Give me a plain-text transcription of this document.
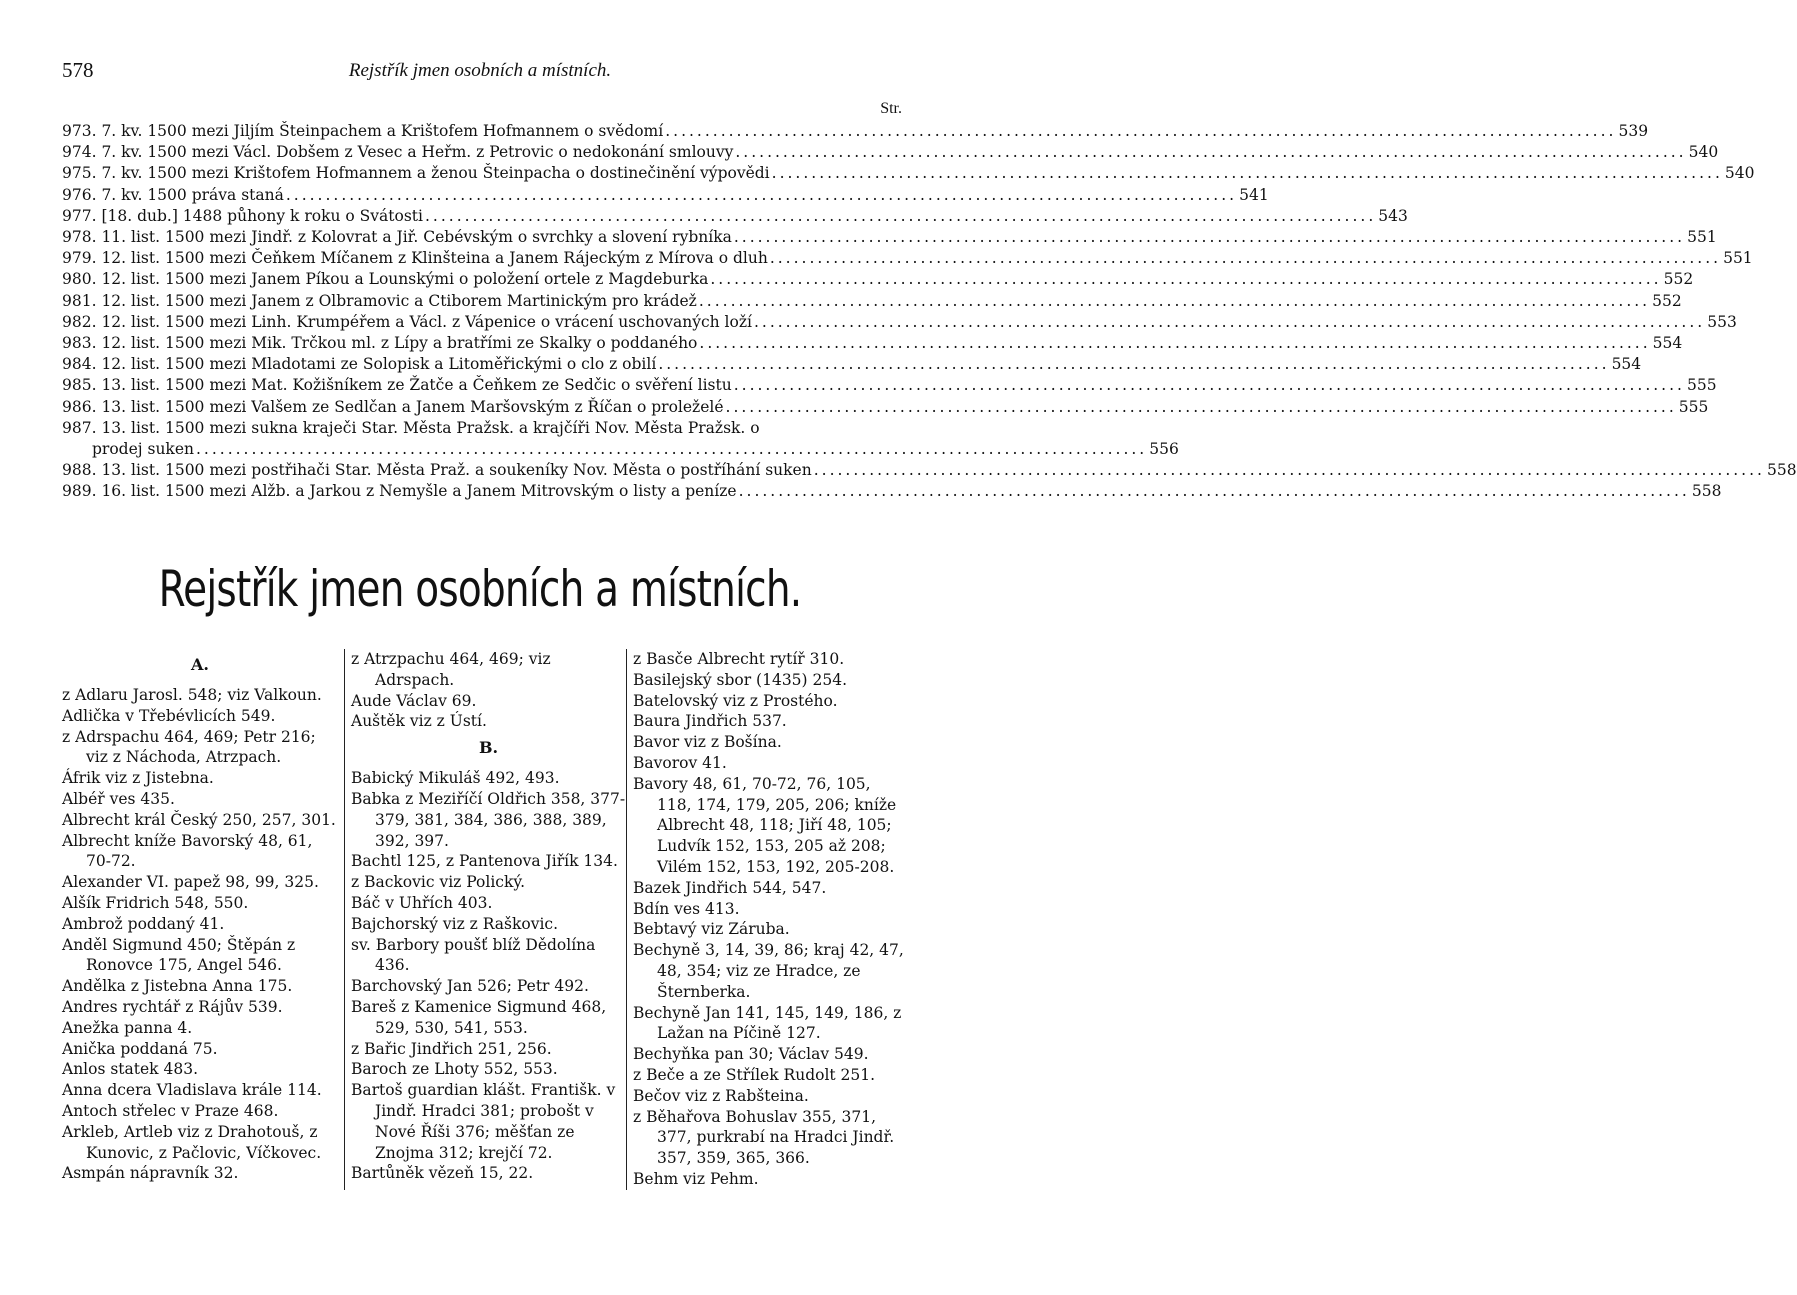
578	Rejstřík jmen osobních a místních.
Str.
973. 7. kv. 1500 mezi Jiljím Šteinpachem a Krištofem Hofmannem o svědomí ........................................................................................................................ 539
974. 7. kv. 1500 mezi Václ. Dobšem z Vesec a Heřm. z Petrovic o nedokonání smlouvy ........................................................................................................................ 540
975. 7. kv. 1500 mezi Krištofem Hofmannem a ženou Šteinpacha o dostinečinění výpovědi ........................................................................................................................ 540
976. 7. kv. 1500 práva staná ........................................................................................................................ 541
977. [18. dub.] 1488 půhony k roku o Svátosti ........................................................................................................................ 543
978. 11. list. 1500 mezi Jindř. z Kolovrat a Jiř. Cebévským o svrchky a slovení rybníka ........................................................................................................................ 551
979. 12. list. 1500 mezi Čeňkem Míčanem z Klinšteina a Janem Rájeckým z Mírova o dluh ........................................................................................................................ 551
980. 12. list. 1500 mezi Janem Píkou a Lounskými o položení ortele z Magdeburka ........................................................................................................................ 552
981. 12. list. 1500 mezi Janem z Olbramovic a Ctiborem Martinickým pro krádež ........................................................................................................................ 552
982. 12. list. 1500 mezi Linh. Krumpéřem a Václ. z Vápenice o vrácení uschovaných loží ........................................................................................................................ 553
983. 12. list. 1500 mezi Mik. Trčkou ml. z Lípy a bratřími ze Skalky o poddaného ........................................................................................................................ 554
984. 12. list. 1500 mezi Mladotami ze Solopisk a Litoměřickými o clo z obilí ........................................................................................................................ 554
985. 13. list. 1500 mezi Mat. Kožišníkem ze Žatče a Čeňkem ze Sedčic o svěření listu ........................................................................................................................ 555
986. 13. list. 1500 mezi Valšem ze Sedlčan a Janem Maršovským z Říčan o proleželé ........................................................................................................................ 555
987. 13. list. 1500 mezi sukna kraječi Star. Města Pražsk. a krajčíři Nov. Města Pražsk. o
prodej suken ........................................................................................................................ 556
988. 13. list. 1500 mezi postřihači Star. Města Praž. a soukeníky Nov. Města o postříhání suken ........................................................................................................................ 558
989. 16. list. 1500 mezi Alžb. a Jarkou z Nemyšle a Janem Mitrovským o listy a peníze ........................................................................................................................ 558
Rejstřík jmen osobních a místních.
A.
z Adlaru Jarosl. 548; viz Valkoun.
Adlička v Třebévlicích 549.
z Adrspachu 464, 469; Petr 216; viz z Náchoda, Atrzpach.
Áfrik viz z Jistebna.
Albéř ves 435.
Albrecht král Český 250, 257, 301.
Albrecht kníže Bavorský 48, 61, 70-72.
Alexander VI. papež 98, 99, 325.
Alšík Fridrich 548, 550.
Ambrož poddaný 41.
Anděl Sigmund 450; Štěpán z Ronovce 175, Angel 546.
Andělka z Jistebna Anna 175.
Andres rychtář z Rájův 539.
Anežka panna 4.
Anička poddaná 75.
Anlos statek 483.
Anna dcera Vladislava krále 114.
Antoch střelec v Praze 468.
Arkleb, Artleb viz z Drahotouš, z Kunovic, z Pačlovic, Víčkovec.
Asmpán nápravník 32.
z Atrzpachu 464, 469; viz Adrspach.
Aude Václav 69.
Auštěk viz z Ústí.
B.
Babický Mikuláš 492, 493.
Babka z Meziříčí Oldřich 358, 377-379, 381, 384, 386, 388, 389, 392, 397.
Bachtl 125, z Pantenova Jiřík 134.
z Backovic viz Polický.
Báč v Uhřích 403.
Bajchorský viz z Raškovic.
sv. Barbory poušť blíž Dědolína 436.
Barchovský Jan 526; Petr 492.
Bareš z Kamenice Sigmund 468, 529, 530, 541, 553.
z Bařic Jindřich 251, 256.
Baroch ze Lhoty 552, 553.
Bartoš guardian klášt. Františk. v Jindř. Hradci 381; probošt v Nové Říši 376; měšťan ze Znojma 312; krejčí 72.
Bartůněk vězeň 15, 22.
z Basče Albrecht rytíř 310.
Basilejský sbor (1435) 254.
Batelovský viz z Prostého.
Baura Jindřich 537.
Bavor viz z Bošína.
Bavorov 41.
Bavory 48, 61, 70-72, 76, 105, 118, 174, 179, 205, 206; kníže Albrecht 48, 118; Jiří 48, 105; Ludvík 152, 153, 205 až 208; Vilém 152, 153, 192, 205-208.
Bazek Jindřich 544, 547.
Bdín ves 413.
Bebtavý viz Záruba.
Bechyně 3, 14, 39, 86; kraj 42, 47, 48, 354; viz ze Hradce, ze Šternberka.
Bechyně Jan 141, 145, 149, 186, z Lažan na Píčině 127.
Bechyňka pan 30; Václav 549.
z Beče a ze Střílek Rudolt 251.
Bečov viz z Rabšteina.
z Běhařova Bohuslav 355, 371, 377, purkrabí na Hradci Jindř. 357, 359, 365, 366.
Behm viz Pehm.
